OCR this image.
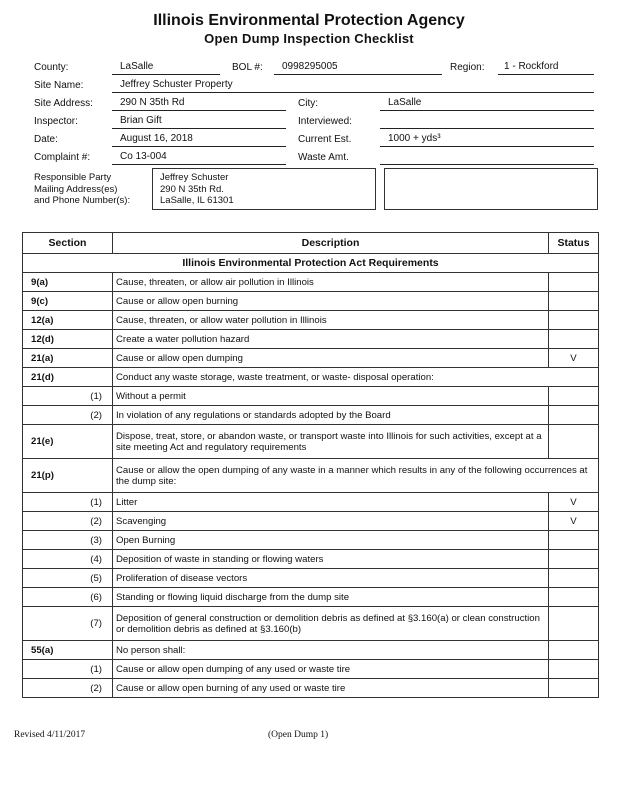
Illinois Environmental Protection Agency
Open Dump Inspection Checklist
County:	LaSalle	BOL #: 0998295005	Region: 1 - Rockford
Site Name:	Jeffrey Schuster Property
Site Address:	290 N 35th Rd	City:	LaSalle
Inspector:	Brian Gift	Interviewed:
Date:	August 16, 2018	Current Est.	1000 + yds³
Complaint #:	Co 13-004	Waste Amt.
Responsible Party
Mailing Address(es)
and Phone Number(s):
Jeffrey Schuster
290 N 35th Rd.
LaSalle, IL 61301
Section	Description	Status
Illinois Environmental Protection Act Requirements		
9(a)	Cause, threaten, or allow air pollution in Illinois	
9(c)	Cause or allow open burning	
12(a)	Cause, threaten, or allow water pollution in Illinois	
12(d)	Create a water pollution hazard	
21(a)	Cause or allow open dumping	V
21(d)	Conduct any waste storage, waste treatment, or waste- disposal operation:	
(1)	Without a permit	
(2)	In violation of any regulations or standards adopted by the Board	
21(e)	Dispose, treat, store, or abandon waste, or transport waste into Illinois for such activities, except at a site meeting Act and regulatory requirements	
21(p)	Cause or allow the open dumping of any waste in a manner which results in any of the following occurrences at the dump site:	
(1)	Litter	V
(2)	Scavenging	V
(3)	Open Burning	
(4)	Deposition of waste in standing or flowing waters	
(5)	Proliferation of disease vectors	
(6)	Standing or flowing liquid discharge from the dump site	
(7)	Deposition of general construction or demolition debris as defined at §3.160(a) or clean construction or demolition debris as defined at §3.160(b)	
55(a)	No person shall:	
(1)	Cause or allow open dumping of any used or waste tire	
(2)	Cause or allow open burning of any used or waste tire	
Revised 4/11/2017	(Open Dump 1)
